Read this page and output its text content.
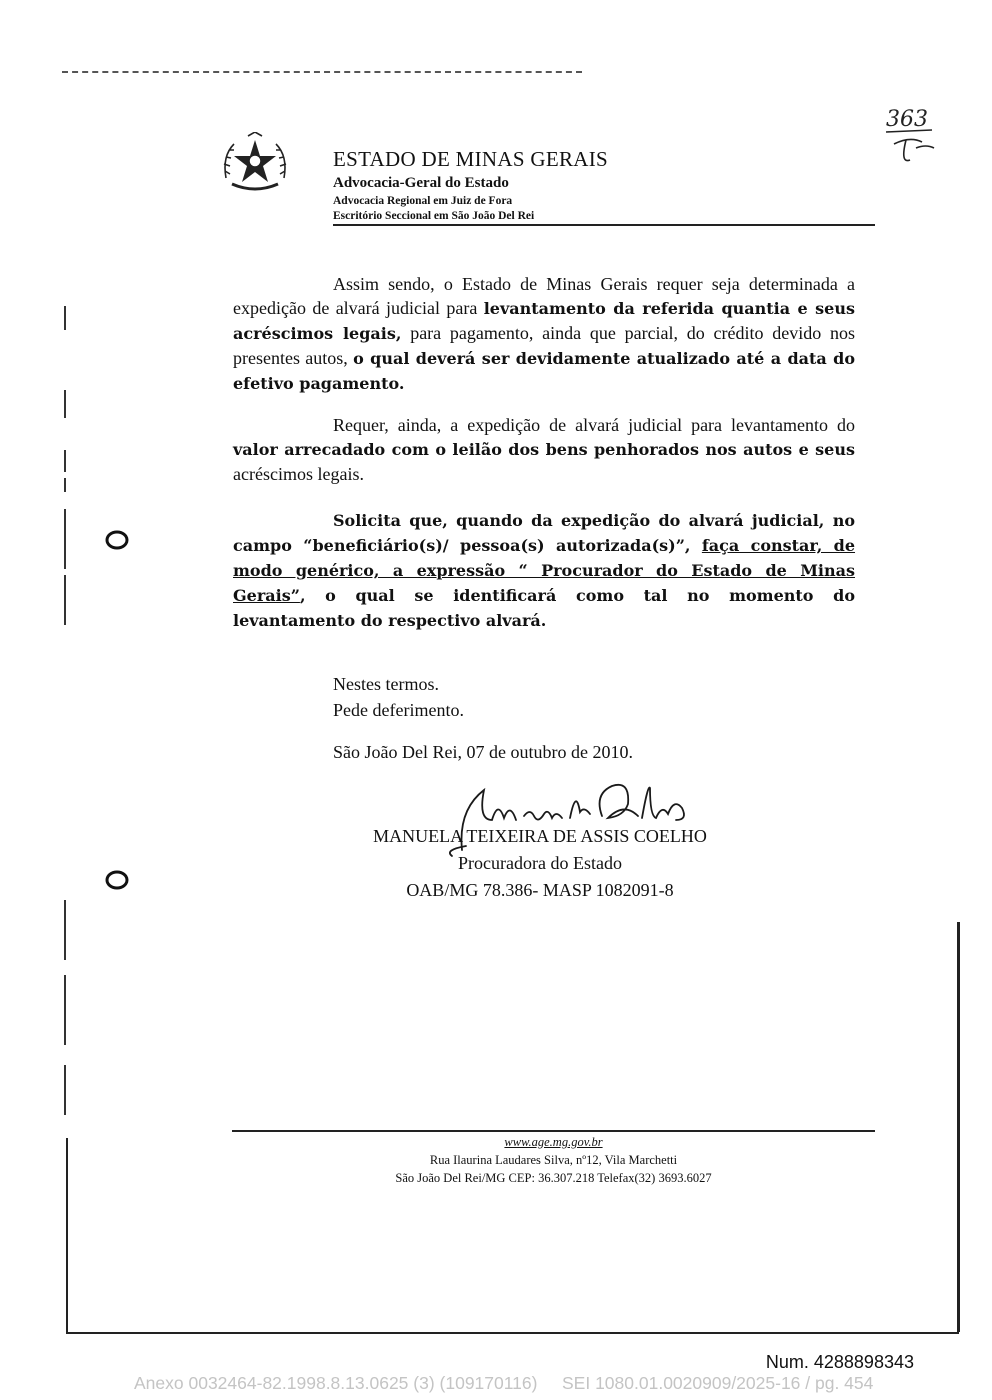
363
ESTADO DE MINAS GERAIS
Advocacia-Geral do Estado
Advocacia Regional em Juiz de Fora
Escritório Seccional em São João Del Rei

Assim sendo, o Estado de Minas Gerais requer seja determinada a expedição de alvará judicial para levantamento da referida quantia e seus acréscimos legais, para pagamento, ainda que parcial, do crédito devido nos presentes autos, o qual deverá ser devidamente atualizado até a data do efetivo pagamento.

Requer, ainda, a expedição de alvará judicial para levantamento do valor arrecadado com o leilão dos bens penhorados nos autos e seus acréscimos legais.

Solicita que, quando da expedição do alvará judicial, no campo “beneficiário(s)/ pessoa(s) autorizada(s)”, faça constar, de modo genérico, a expressão “ Procurador do Estado de Minas Gerais”, o qual se identificará como tal no momento do levantamento do respectivo alvará.

Nestes termos.
Pede deferimento.
São João Del Rei, 07 de outubro de 2010.
MANUELA TEIXEIRA DE ASSIS COELHO
Procuradora do Estado
OAB/MG 78.386- MASP 1082091-8
www.age.mg.gov.br
Rua Ilaurina Laudares Silva, nº12, Vila Marchetti
São João Del Rei/MG CEP: 36.307.218 Telefax(32) 3693.6027
Num. 4288898343
Anexo 0032464-82.1998.8.13.0625 (3) (109170116) SEI 1080.01.0020909/2025-16 / pg. 454
